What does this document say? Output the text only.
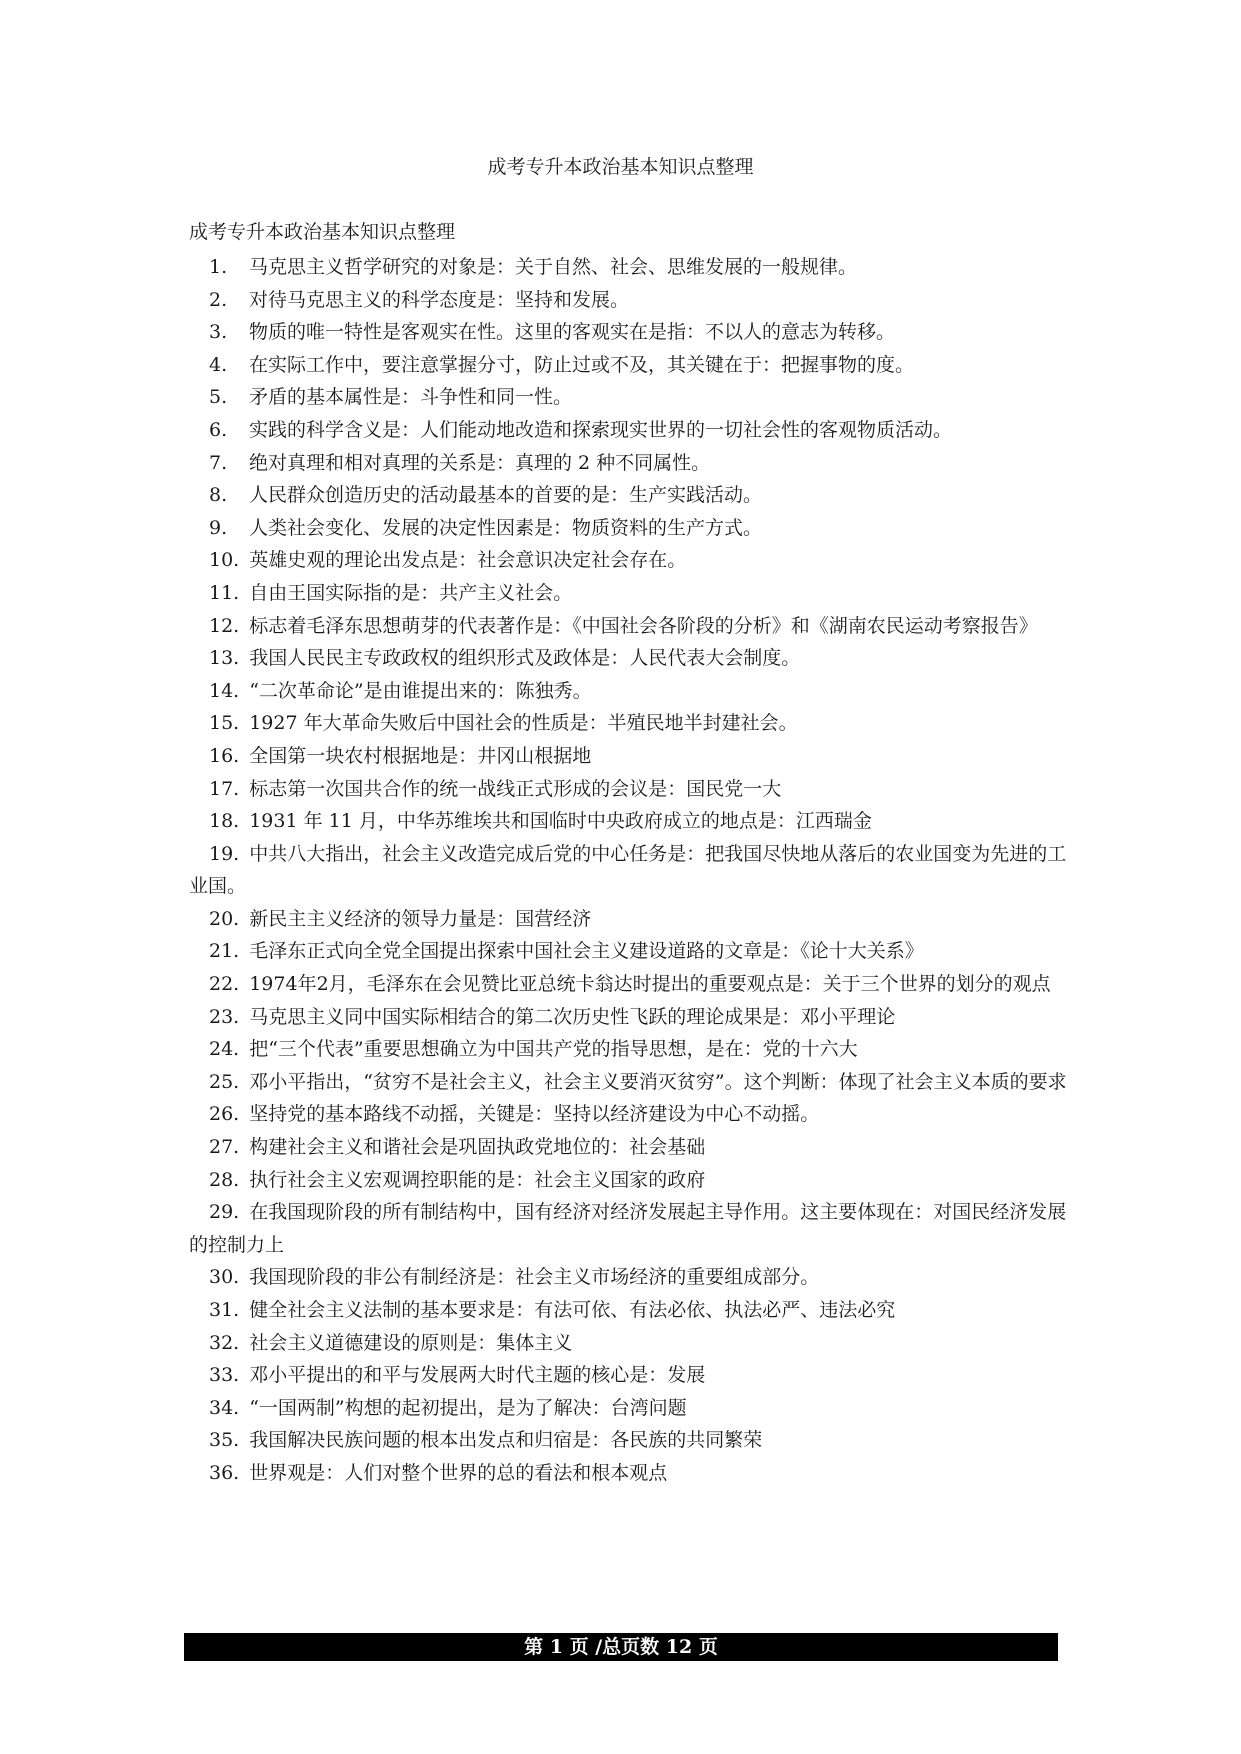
成考专升本政治基本知识点整理

成考专升本政治基本知识点整理

1. 马克思主义哲学研究的对象是：关于自然、社会、思维发展的一般规律。
2. 对待马克思主义的科学态度是：坚持和发展。
3. 物质的唯一特性是客观实在性。这里的客观实在是指：不以人的意志为转移。
4. 在实际工作中，要注意掌握分寸，防止过或不及，其关键在于：把握事物的度。
5. 矛盾的基本属性是：斗争性和同一性。
6. 实践的科学含义是：人们能动地改造和探索现实世界的一切社会性的客观物质活动。
7. 绝对真理和相对真理的关系是：真理的 2 种不同属性。
8. 人民群众创造历史的活动最基本的首要的是：生产实践活动。
9. 人类社会变化、发展的决定性因素是：物质资料的生产方式。
10. 英雄史观的理论出发点是：社会意识决定社会存在。
11. 自由王国实际指的是：共产主义社会。
12. 标志着毛泽东思想萌芽的代表著作是：《中国社会各阶段的分析》和《湖南农民运动考察报告》
13. 我国人民民主专政政权的组织形式及政体是：人民代表大会制度。
14. “二次革命论”是由谁提出来的：陈独秀。
15. 1927 年大革命失败后中国社会的性质是：半殖民地半封建社会。
16. 全国第一块农村根据地是：井冈山根据地
17. 标志第一次国共合作的统一战线正式形成的会议是：国民党一大
18. 1931 年 11 月，中华苏维埃共和国临时中央政府成立的地点是：江西瑞金
19. 中共八大指出，社会主义改造完成后党的中心任务是：把我国尽快地从落后的农业国变为先进的工业国。
20. 新民主主义经济的领导力量是：国营经济
21. 毛泽东正式向全党全国提出探索中国社会主义建设道路的文章是：《论十大关系》
22. 1974年2月，毛泽东在会见赞比亚总统卡翁达时提出的重要观点是：关于三个世界的划分的观点
23. 马克思主义同中国实际相结合的第二次历史性飞跃的理论成果是：邓小平理论
24. 把“三个代表”重要思想确立为中国共产党的指导思想，是在：党的十六大
25. 邓小平指出，“贫穷不是社会主义，社会主义要消灭贫穷”。这个判断：体现了社会主义本质的要求
26. 坚持党的基本路线不动摇，关键是：坚持以经济建设为中心不动摇。
27. 构建社会主义和谐社会是巩固执政党地位的：社会基础
28. 执行社会主义宏观调控职能的是：社会主义国家的政府
29. 在我国现阶段的所有制结构中，国有经济对经济发展起主导作用。这主要体现在：对国民经济发展的控制力上
30. 我国现阶段的非公有制经济是：社会主义市场经济的重要组成部分。
31. 健全社会主义法制的基本要求是：有法可依、有法必依、执法必严、违法必究
32. 社会主义道德建设的原则是：集体主义
33. 邓小平提出的和平与发展两大时代主题的核心是：发展
34. “一国两制”构想的起初提出，是为了解决：台湾问题
35. 我国解决民族问题的根本出发点和归宿是：各民族的共同繁荣
36. 世界观是：人们对整个世界的总的看法和根本观点
第 1 页 /总页数 12 页
